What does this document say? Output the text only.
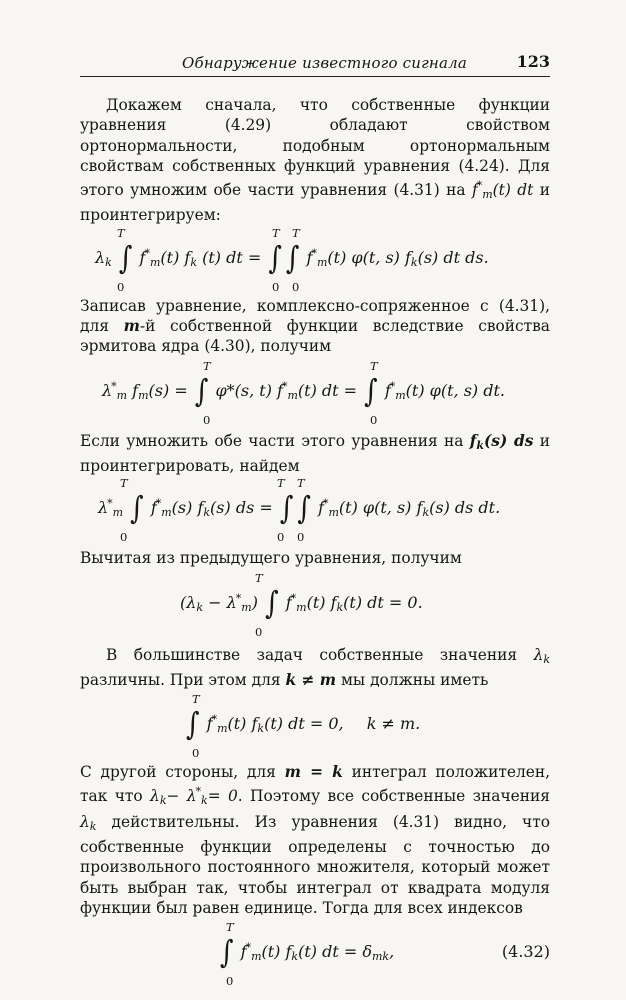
Обнаружение известного сигнала	123

Докажем сначала, что собственные функции уравнения (4.29) обладают свойством ортонормальности, подобным ортонормальным свойствам собственных функций уравнения (4.24). Для этого умножим обе части уравнения (4.31) на $f^*_m(t)$ dt и проинтегрируем:

T
0
T
0
T
0
$\lambda_k$ ∫ $f^*_m(t)$ $f_k$ (t) dt = ∫ ∫ $f^*_m(t)$ φ(t, s) $f_k(s)$ dt ds.

Записав уравнение, комплексно-сопряженное с (4.31), для m-й собственной функции вследствие свойства эрмитова ядра (4.30), получим

T
0
T
0
$\lambda^*_m$ $f_m(s)$ = ∫ φ*(s, t) $f^*_m(t)$ dt = ∫ $f^*_m(t)$ φ(t, s) dt.

Если умножить обе части этого уравнения на $f_k(s)$ ds и проинтегрировать, найдем

T
0
T
0
T
0
$\lambda^*_m$ ∫ $f^*_m(s)$ $f_k(s)$ ds = ∫ ∫ $f^*_m(t)$ φ(t, s) $f_k(s)$ ds dt.

Вычитая из предыдущего уравнения, получим

T
0
$(\lambda_k - \lambda^*_m)$ ∫ $f^*_m(t)$ $f_k(t)$ dt = 0.

В большинстве задач собственные значения $\lambda_k$ различны. При этом для k ≠ m мы должны иметь

T
0
∫ $f^*_m(t)$ $f_k(t)$ dt = 0, k ≠ m.

С другой стороны, для m = k интеграл положителен, так что $\lambda_k- \lambda^*_k= 0$. Поэтому все собственные значения $\lambda_k$ действительны. Из уравнения (4.31) видно, что собственные функции определены с точностью до произвольного постоянного множителя, который может быть выбран так, чтобы интеграл от квадрата модуля функции был равен единице. Тогда для всех индексов

T
0
∫ $f^*_m(t)$ $f_k(t)$ dt = $\delta_{mk}$,	(4.32)
